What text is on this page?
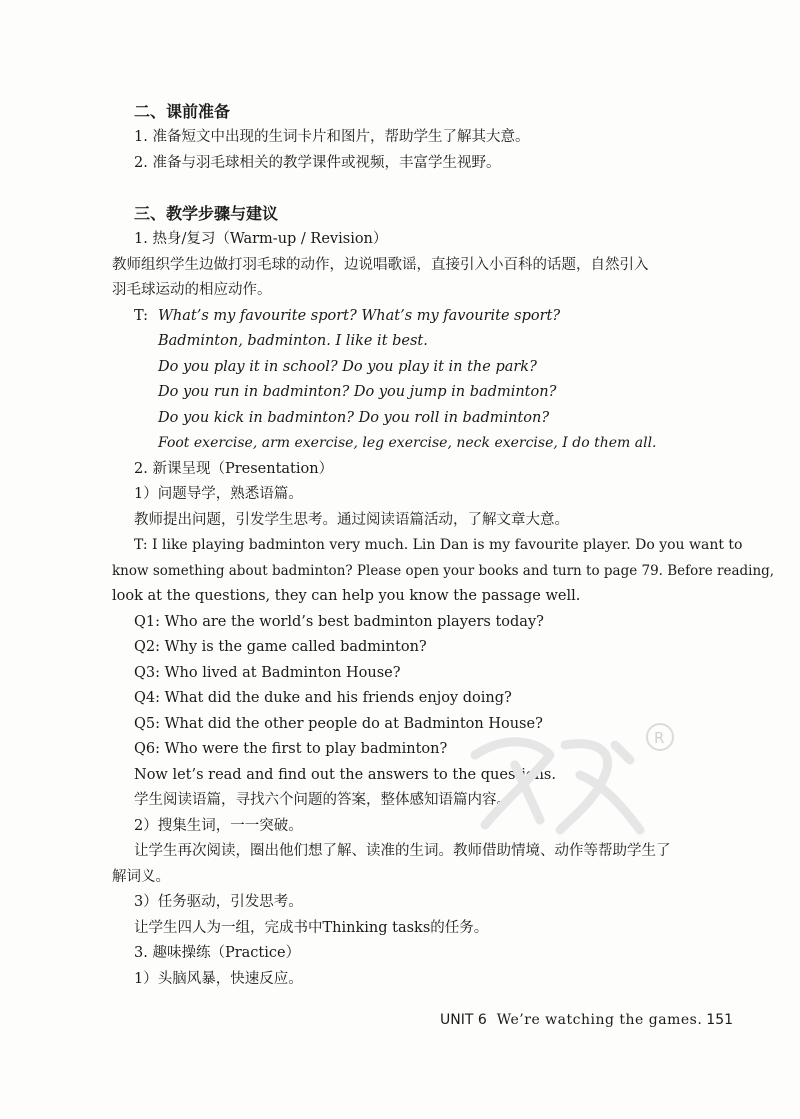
二、课前准备
1. 准备短文中出现的生词卡片和图片，帮助学生了解其大意。
2. 准备与羽毛球相关的教学课件或视频，丰富学生视野。
三、教学步骤与建议
1. 热身/复习（Warm-up / Revision）
教师组织学生边做打羽毛球的动作，边说唱歌谣，直接引入小百科的话题，自然引入
羽毛球运动的相应动作。
T: What’s my favourite sport? What’s my favourite sport?
Badminton, badminton. I like it best.
Do you play it in school? Do you play it in the park?
Do you run in badminton? Do you jump in badminton?
Do you kick in badminton? Do you roll in badminton?
Foot exercise, arm exercise, leg exercise, neck exercise, I do them all.
2. 新课呈现（Presentation）
1）问题导学，熟悉语篇。
教师提出问题，引发学生思考。通过阅读语篇活动，了解文章大意。
T: I like playing badminton very much. Lin Dan is my favourite player. Do you want to
know something about badminton? Please open your books and turn to page 79. Before reading,
look at the questions, they can help you know the passage well.
Q1: Who are the world’s best badminton players today?
Q2: Why is the game called badminton?
Q3: Who lived at Badminton House?
Q4: What did the duke and his friends enjoy doing?
Q5: What did the other people do at Badminton House?
Q6: Who were the first to play badminton?
Now let’s read and find out the answers to the questions.
学生阅读语篇，寻找六个问题的答案，整体感知语篇内容。
2）搜集生词，一一突破。
让学生再次阅读，圈出他们想了解、读准的生词。教师借助情境、动作等帮助学生了
解词义。
3）任务驱动，引发思考。
让学生四人为一组，完成书中Thinking tasks的任务。
3. 趣味操练（Practice）
1）头脑风暴，快速反应。
R
UNIT 6 We’re watching the games. 151
